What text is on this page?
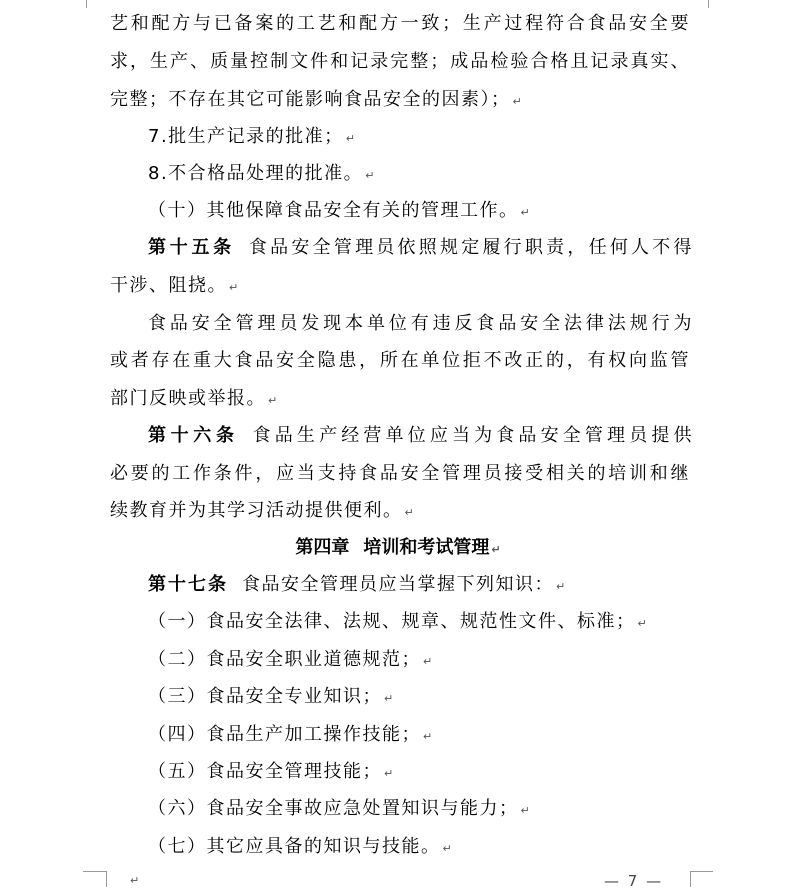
艺和配方与已备案的工艺和配方一致；生产过程符合食品安全要
求，生产、质量控制文件和记录完整；成品检验合格且记录真实、
完整；不存在其它可能影响食品安全的因素）； ↵
7.批生产记录的批准； ↵
8.不合格品处理的批准。 ↵
（十）其他保障食品安全有关的管理工作。 ↵
第十五条 食品安全管理员依照规定履行职责，任何人不得
干涉、阻挠。 ↵
食品安全管理员发现本单位有违反食品安全法律法规行为
或者存在重大食品安全隐患，所在单位拒不改正的，有权向监管
部门反映或举报。 ↵
第十六条 食品生产经营单位应当为食品安全管理员提供
必要的工作条件，应当支持食品安全管理员接受相关的培训和继
续教育并为其学习活动提供便利。 ↵
第四章 培训和考试管理 ↵
第十七条 食品安全管理员应当掌握下列知识： ↵
（一）食品安全法律、法规、规章、规范性文件、标准； ↵
（二）食品安全职业道德规范； ↵
（三）食品安全专业知识； ↵
（四）食品生产加工操作技能； ↵
（五）食品安全管理技能； ↵
（六）食品安全事故应急处置知识与能力； ↵
（七）其它应具备的知识与技能。 ↵
↵	— 7 —
